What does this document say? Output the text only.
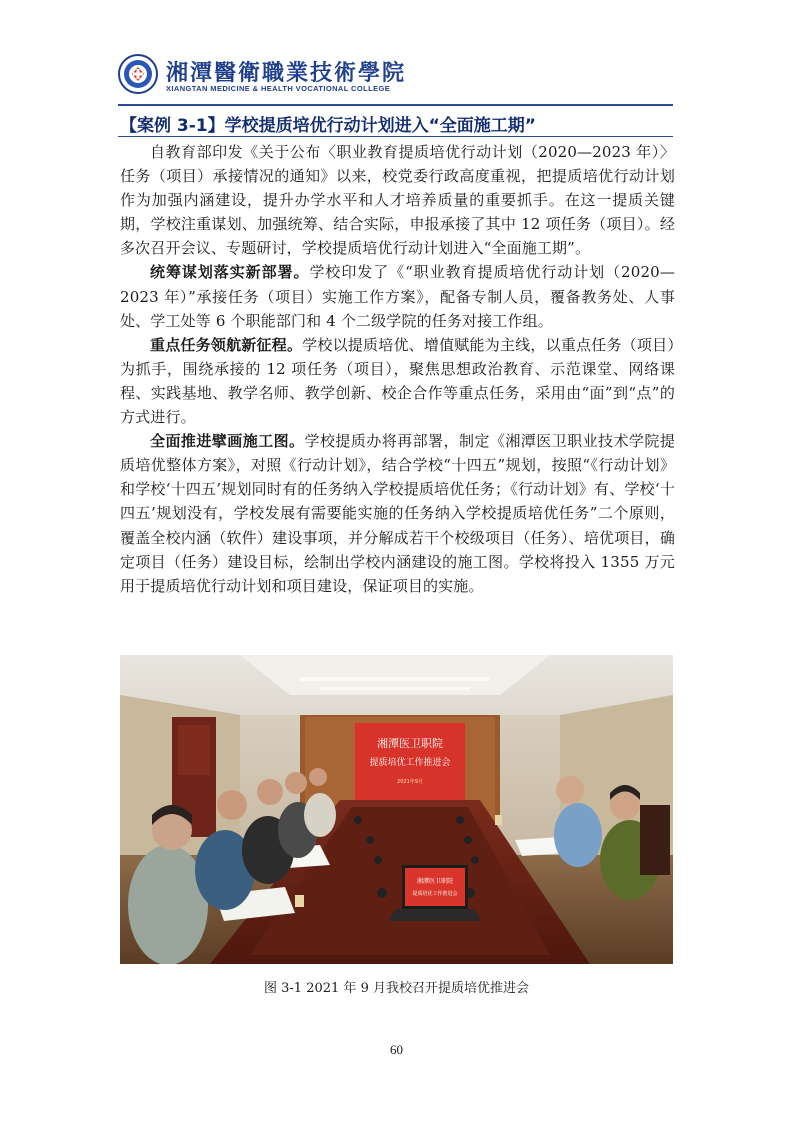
湘潭醫衛職業技術學院
XIANGTAN MEDICINE & HEALTH VOCATIONAL COLLEGE
【案例 3-1】学校提质培优行动计划进入“全面施工期”

自教育部印发《关于公布〈职业教育提质培优行动计划（2020—2023 年）〉任务（项目）承接情况的通知》以来，校党委行政高度重视，把提质培优行动计划作为加强内涵建设，提升办学水平和人才培养质量的重要抓手。在这一提质关键期，学校注重谋划、加强统筹、结合实际，申报承接了其中 12 项任务（项目）。经多次召开会议、专题研讨，学校提质培优行动计划进入“全面施工期”。

统筹谋划落实新部署。学校印发了《“职业教育提质培优行动计划（2020—2023 年）”承接任务（项目）实施工作方案》，配备专制人员，覆备教务处、人事处、学工处等 6 个职能部门和 4 个二级学院的任务对接工作组。

重点任务领航新征程。学校以提质培优、增值赋能为主线，以重点任务（项目）为抓手，围绕承接的 12 项任务（项目），聚焦思想政治教育、示范课堂、网络课程、实践基地、教学名师、教学创新、校企合作等重点任务，采用由“面”到“点”的方式进行。

全面推进擘画施工图。学校提质办将再部署，制定《湘潭医卫职业技术学院提质培优整体方案》，对照《行动计划》，结合学校“十四五”规划，按照“《行动计划》和学校‘十四五’规划同时有的任务纳入学校提质培优任务；《行动计划》有、学校‘十四五’规划没有，学校发展有需要能实施的任务纳入学校提质培优任务”二个原则，覆盖全校内涵（软件）建设事项，并分解成若干个校级项目（任务）、培优项目，确定项目（任务）建设目标，绘制出学校内涵建设的施工图。学校将投入 1355 万元用于提质培优行动计划和项目建设，保证项目的实施。

湘潭医卫职院
提质培优工作推进会
2021年9月
湘潭医卫职院
提质培优工作推进会
图 3-1 2021 年 9 月我校召开提质培优推进会
60
